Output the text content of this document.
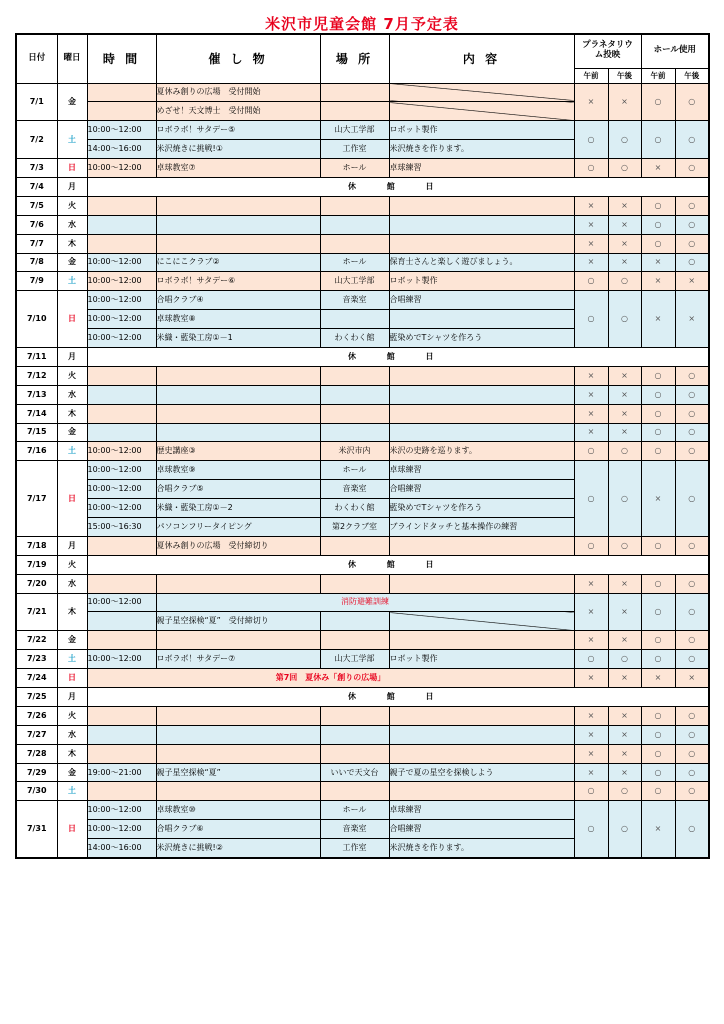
米沢市児童会館 7月予定表
日付	曜日	時 間	催 し 物	場 所	内 容	プラネタリウム投映		ホール使用	
						午前	午後	午前	午後
7/1	金		夏休み創りの広場　受付開始			×	×	○	○
			めざせ！天文博士　受付開始						
7/2	土	10:00～12:00	ロボラボ！サタデー⑤	山大工学部	ロボット製作	○	○	○	○
		14:00～16:00	米沢焼きに挑戦!①	工作室	米沢焼きを作ります。				
7/3	日	10:00～12:00	卓球教室⑦	ホール	卓球練習	○	○	×	○
7/4	月	休 館 日							
7/5	火					×	×	○	○
7/6	水					×	×	○	○
7/7	木					×	×	○	○
7/8	金	10:00～12:00	にこにこクラブ②	ホール	保育士さんと楽しく遊びましょう。	×	×	×	○
7/9	土	10:00～12:00	ロボラボ！サタデー⑥	山大工学部	ロボット製作	○	○	×	×
7/10	日	10:00～12:00	合唱クラブ④	音楽室	合唱練習	○	○	×	×
		10:00～12:00	卓球教室⑧						
		10:00～12:00	米織・藍染工房①－1	わくわく館	藍染めでTシャツを作ろう				
7/11	月	休 館 日							
7/12	火					×	×	○	○
7/13	水					×	×	○	○
7/14	木					×	×	○	○
7/15	金					×	×	○	○
7/16	土	10:00～12:00	歴史講座③	米沢市内	米沢の史跡を巡ります。	○	○	○	○
7/17	日	10:00～12:00	卓球教室⑨	ホール	卓球練習	○	○	×	○
		10:00～12:00	合唱クラブ⑤	音楽室	合唱練習				
		10:00～12:00	米織・藍染工房①－2	わくわく館	藍染めでTシャツを作ろう				
		15:00～16:30	パソコンフリータイピング	第2クラブ室	ブラインドタッチと基本操作の練習				
7/18	月		夏休み創りの広場　受付締切り			○	○	○	○
7/19	火	休 館 日							
7/20	水					×	×	○	○
7/21	木	10:00～12:00	消防避難訓練			×	×	○	○
			親子星空探検“夏”　受付締切り						
7/22	金					×	×	○	○
7/23	土	10:00～12:00	ロボラボ！サタデー⑦	山大工学部	ロボット製作	○	○	○	○
7/24	日	第7回　夏休み「創りの広場」				×	×	×	×
7/25	月	休 館 日							
7/26	火					×	×	○	○
7/27	水					×	×	○	○
7/28	木					×	×	○	○
7/29	金	19:00～21:00	親子星空探検“夏”	いいで天文台	親子で夏の星空を探検しよう	×	×	○	○
7/30	土					○	○	○	○
7/31	日	10:00～12:00	卓球教室⑩	ホール	卓球練習	○	○	×	○
		10:00～12:00	合唱クラブ⑥	音楽室	合唱練習				
		14:00～16:00	米沢焼きに挑戦!②	工作室	米沢焼きを作ります。				
